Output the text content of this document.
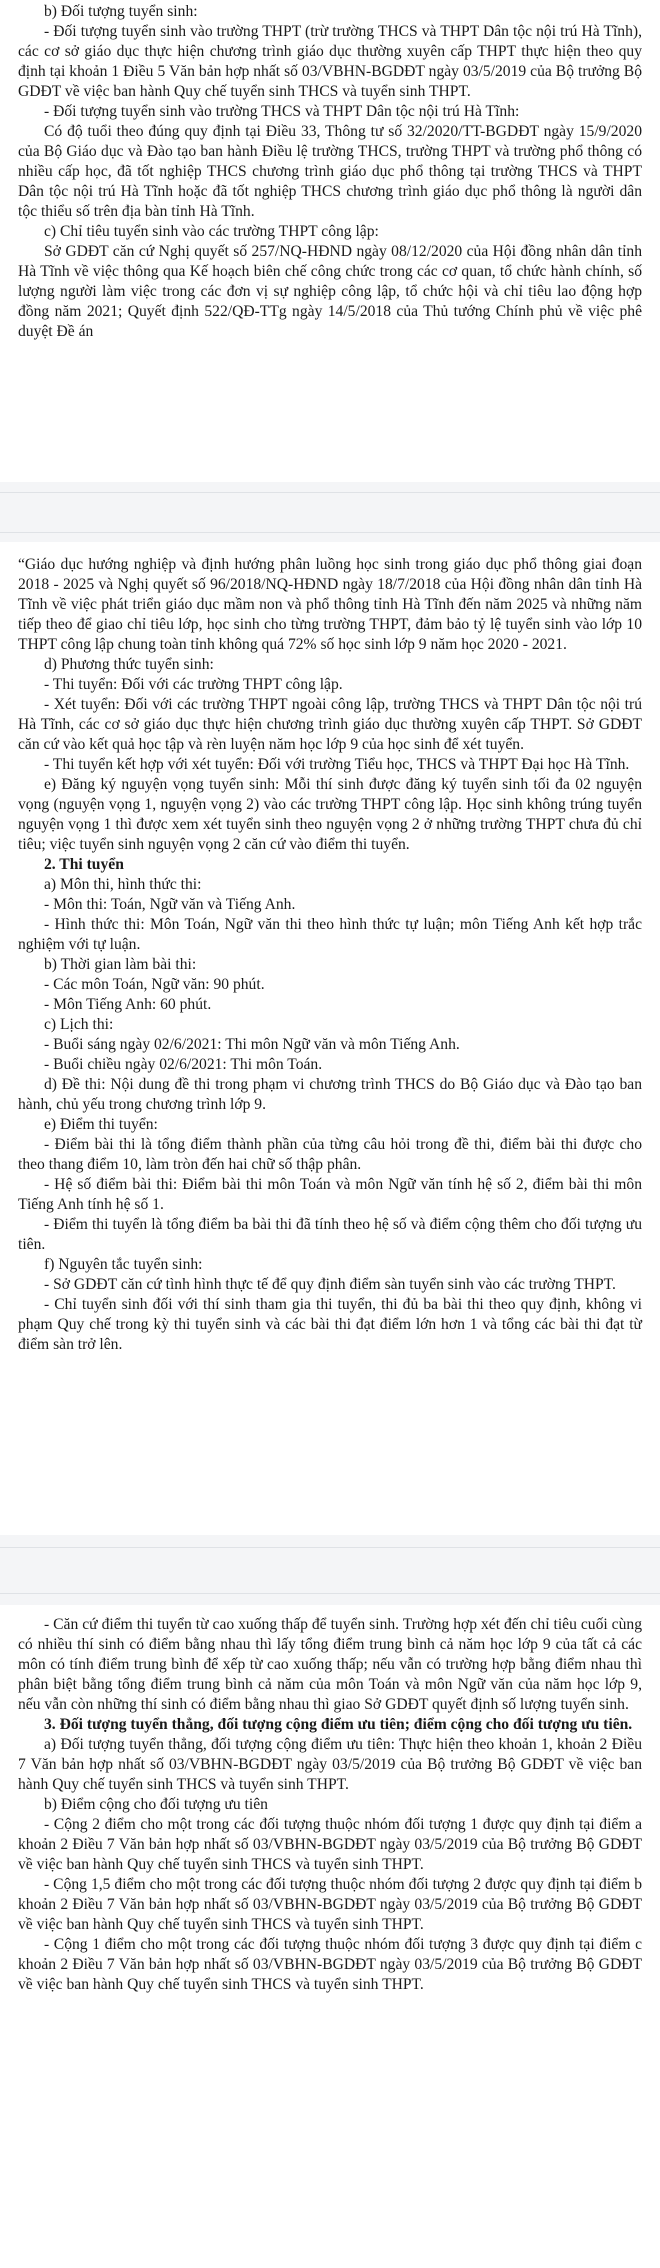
b) Đối tượng tuyển sinh:

- Đối tượng tuyển sinh vào trường THPT (trừ trường THCS và THPT Dân tộc nội trú Hà Tĩnh), các cơ sở giáo dục thực hiện chương trình giáo dục thường xuyên cấp THPT thực hiện theo quy định tại khoản 1 Điều 5 Văn bản hợp nhất số 03/VBHN-BGDĐT ngày 03/5/2019 của Bộ trưởng Bộ GDĐT về việc ban hành Quy chế tuyển sinh THCS và tuyển sinh THPT.

- Đối tượng tuyển sinh vào trường THCS và THPT Dân tộc nội trú Hà Tĩnh:

Có độ tuổi theo đúng quy định tại Điều 33, Thông tư số 32/2020/TT-BGDĐT ngày 15/9/2020 của Bộ Giáo dục và Đào tạo ban hành Điều lệ trường THCS, trường THPT và trường phổ thông có nhiều cấp học, đã tốt nghiệp THCS chương trình giáo dục phổ thông tại trường THCS và THPT Dân tộc nội trú Hà Tĩnh hoặc đã tốt nghiệp THCS chương trình giáo dục phổ thông là người dân tộc thiểu số trên địa bàn tỉnh Hà Tĩnh.

c) Chỉ tiêu tuyển sinh vào các trường THPT công lập:

Sở GDĐT căn cứ Nghị quyết số 257/NQ-HĐND ngày 08/12/2020 của Hội đồng nhân dân tỉnh Hà Tĩnh về việc thông qua Kế hoạch biên chế công chức trong các cơ quan, tổ chức hành chính, số lượng người làm việc trong các đơn vị sự nghiệp công lập, tổ chức hội và chỉ tiêu lao động hợp đồng năm 2021; Quyết định 522/QĐ-TTg ngày 14/5/2018 của Thủ tướng Chính phủ về việc phê duyệt Đề án

“Giáo dục hướng nghiệp và định hướng phân luồng học sinh trong giáo dục phổ thông giai đoạn 2018 - 2025 và Nghị quyết số 96/2018/NQ-HĐND ngày 18/7/2018 của Hội đồng nhân dân tỉnh Hà Tĩnh về việc phát triển giáo dục mầm non và phổ thông tỉnh Hà Tĩnh đến năm 2025 và những năm tiếp theo để giao chỉ tiêu lớp, học sinh cho từng trường THPT, đảm bảo tỷ lệ tuyển sinh vào lớp 10 THPT công lập chung toàn tỉnh không quá 72% số học sinh lớp 9 năm học 2020 - 2021.

d) Phương thức tuyển sinh:

- Thi tuyển: Đối với các trường THPT công lập.

- Xét tuyển: Đối với các trường THPT ngoài công lập, trường THCS và THPT Dân tộc nội trú Hà Tĩnh, các cơ sở giáo dục thực hiện chương trình giáo dục thường xuyên cấp THPT. Sở GDĐT căn cứ vào kết quả học tập và rèn luyện năm học lớp 9 của học sinh để xét tuyển.

- Thi tuyển kết hợp với xét tuyển: Đối với trường Tiểu học, THCS và THPT Đại học Hà Tĩnh.

e) Đăng ký nguyện vọng tuyển sinh: Mỗi thí sinh được đăng ký tuyển sinh tối đa 02 nguyện vọng (nguyện vọng 1, nguyện vọng 2) vào các trường THPT công lập. Học sinh không trúng tuyển nguyện vọng 1 thì được xem xét tuyển sinh theo nguyện vọng 2 ở những trường THPT chưa đủ chỉ tiêu; việc tuyển sinh nguyện vọng 2 căn cứ vào điểm thi tuyển.

2. Thi tuyển

a) Môn thi, hình thức thi:

- Môn thi: Toán, Ngữ văn và Tiếng Anh.

- Hình thức thi: Môn Toán, Ngữ văn thi theo hình thức tự luận; môn Tiếng Anh kết hợp trắc nghiệm với tự luận.

b) Thời gian làm bài thi:

- Các môn Toán, Ngữ văn: 90 phút.

- Môn Tiếng Anh: 60 phút.

c) Lịch thi:

- Buổi sáng ngày 02/6/2021: Thi môn Ngữ văn và môn Tiếng Anh.

- Buổi chiều ngày 02/6/2021: Thi môn Toán.

d) Đề thi: Nội dung đề thi trong phạm vi chương trình THCS do Bộ Giáo dục và Đào tạo ban hành, chủ yếu trong chương trình lớp 9.

e) Điểm thi tuyển:

- Điểm bài thi là tổng điểm thành phần của từng câu hỏi trong đề thi, điểm bài thi được cho theo thang điểm 10, làm tròn đến hai chữ số thập phân.

- Hệ số điểm bài thi: Điểm bài thi môn Toán và môn Ngữ văn tính hệ số 2, điểm bài thi môn Tiếng Anh tính hệ số 1.

- Điểm thi tuyển là tổng điểm ba bài thi đã tính theo hệ số và điểm cộng thêm cho đối tượng ưu tiên.

f) Nguyên tắc tuyển sinh:

- Sở GDĐT căn cứ tình hình thực tế để quy định điểm sàn tuyển sinh vào các trường THPT.

- Chỉ tuyển sinh đối với thí sinh tham gia thi tuyển, thi đủ ba bài thi theo quy định, không vi phạm Quy chế trong kỳ thi tuyển sinh và các bài thi đạt điểm lớn hơn 1 và tổng các bài thi đạt từ điểm sàn trở lên.

- Căn cứ điểm thi tuyển từ cao xuống thấp để tuyển sinh. Trường hợp xét đến chỉ tiêu cuối cùng có nhiều thí sinh có điểm bằng nhau thì lấy tổng điểm trung bình cả năm học lớp 9 của tất cả các môn có tính điểm trung bình để xếp từ cao xuống thấp; nếu vẫn có trường hợp bằng điểm nhau thì phân biệt bằng tổng điểm trung bình cả năm của môn Toán và môn Ngữ văn của năm học lớp 9, nếu vẫn còn những thí sinh có điểm bằng nhau thì giao Sở GDĐT quyết định số lượng tuyển sinh.

3. Đối tượng tuyển thẳng, đối tượng cộng điểm ưu tiên; điểm cộng cho đối tượng ưu tiên.

a) Đối tượng tuyển thẳng, đối tượng cộng điểm ưu tiên: Thực hiện theo khoản 1, khoản 2 Điều 7 Văn bản hợp nhất số 03/VBHN-BGDĐT ngày 03/5/2019 của Bộ trưởng Bộ GDĐT về việc ban hành Quy chế tuyển sinh THCS và tuyển sinh THPT.

b) Điểm cộng cho đối tượng ưu tiên

- Cộng 2 điểm cho một trong các đối tượng thuộc nhóm đối tượng 1 được quy định tại điểm a khoản 2 Điều 7 Văn bản hợp nhất số 03/VBHN-BGDĐT ngày 03/5/2019 của Bộ trưởng Bộ GDĐT về việc ban hành Quy chế tuyển sinh THCS và tuyển sinh THPT.

- Cộng 1,5 điểm cho một trong các đối tượng thuộc nhóm đối tượng 2 được quy định tại điểm b khoản 2 Điều 7 Văn bản hợp nhất số 03/VBHN-BGDĐT ngày 03/5/2019 của Bộ trưởng Bộ GDĐT về việc ban hành Quy chế tuyển sinh THCS và tuyển sinh THPT.

- Cộng 1 điểm cho một trong các đối tượng thuộc nhóm đối tượng 3 được quy định tại điểm c khoản 2 Điều 7 Văn bản hợp nhất số 03/VBHN-BGDĐT ngày 03/5/2019 của Bộ trưởng Bộ GDĐT về việc ban hành Quy chế tuyển sinh THCS và tuyển sinh THPT.
